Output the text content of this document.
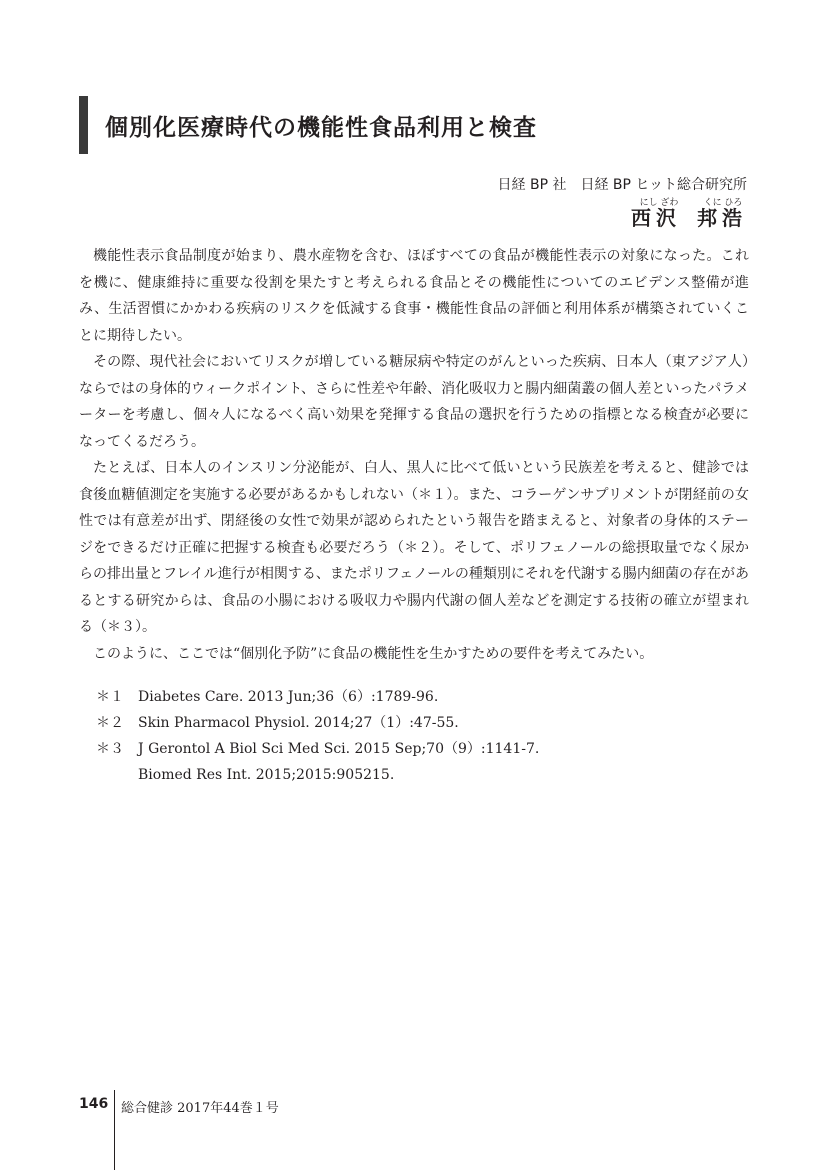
個別化医療時代の機能性食品利用と検査
日経 BP 社　日経 BP ヒット総合研究所
にし ざわ	くに ひろ
西沢 邦浩

機能性表示食品制度が始まり、農水産物を含む、ほぼすべての食品が機能性表示の対象になった。これを機に、健康維持に重要な役割を果たすと考えられる食品とその機能性についてのエビデンス整備が進み、生活習慣にかかわる疾病のリスクを低減する食事・機能性食品の評価と利用体系が構築されていくことに期待したい。

その際、現代社会においてリスクが増している糖尿病や特定のがんといった疾病、日本人（東アジア人）ならではの身体的ウィークポイント、さらに性差や年齢、消化吸収力と腸内細菌叢の個人差といったパラメーターを考慮し、個々人になるべく高い効果を発揮する食品の選択を行うための指標となる検査が必要になってくるだろう。

たとえば、日本人のインスリン分泌能が、白人、黒人に比べて低いという民族差を考えると、健診では食後血糖値測定を実施する必要があるかもしれない（＊１）。また、コラーゲンサプリメントが閉経前の女性では有意差が出ず、閉経後の女性で効果が認められたという報告を踏まえると、対象者の身体的ステージをできるだけ正確に把握する検査も必要だろう（＊２）。そして、ポリフェノールの総摂取量でなく尿からの排出量とフレイル進行が相関する、またポリフェノールの種類別にそれを代謝する腸内細菌の存在があるとする研究からは、食品の小腸における吸収力や腸内代謝の個人差などを測定する技術の確立が望まれる（＊３）。

このように、ここでは“個別化予防”に食品の機能性を生かすための要件を考えてみたい。

＊１	Diabetes Care. 2013 Jun;36（6）:1789-96.
＊２	Skin Pharmacol Physiol. 2014;27（1）:47-55.
＊３	J Gerontol A Biol Sci Med Sci. 2015 Sep;70（9）:1141-7.
Biomed Res Int. 2015;2015:905215.
146 総合健診 2017年44巻１号
